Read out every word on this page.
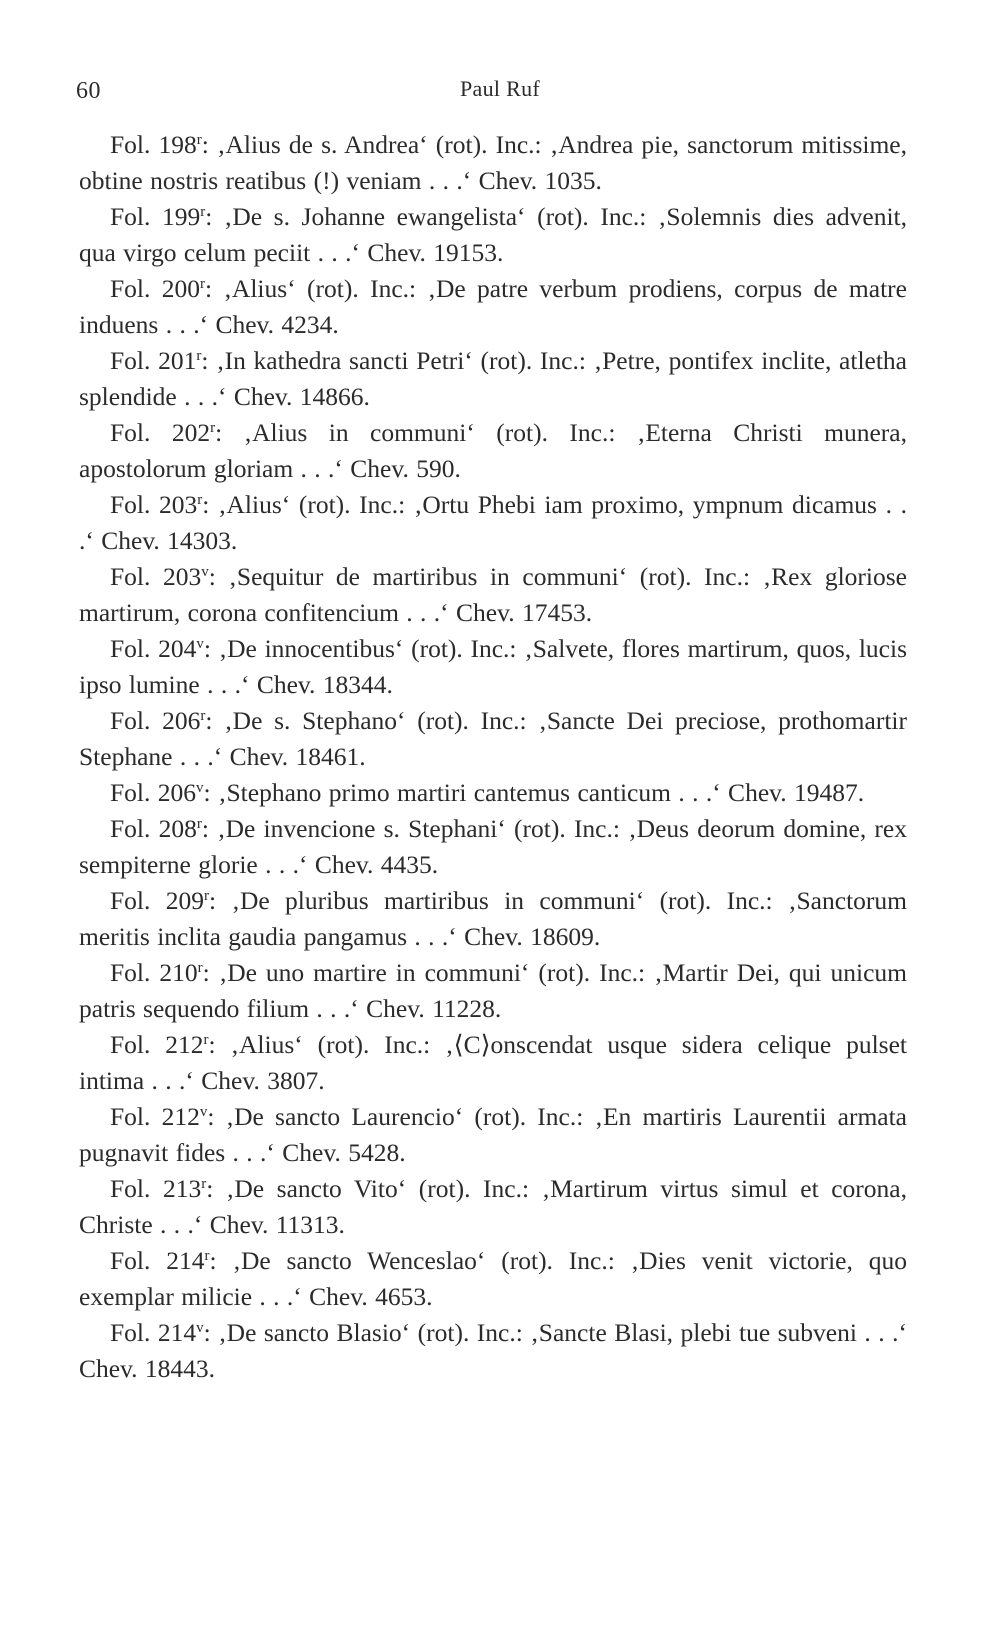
60	Paul Ruf

Fol. 198$^r$: ‚Alius de s. Andrea‘ (rot). Inc.: ‚Andrea pie, sanctorum mitissime, obtine nostris reatibus (!) veniam . . .‘ Chev. 1035.

Fol. 199$^r$: ‚De s. Johanne ewangelista‘ (rot). Inc.: ‚Solemnis dies advenit, qua virgo celum peciit . . .‘ Chev. 19153.

Fol. 200$^r$: ‚Alius‘ (rot). Inc.: ‚De patre verbum prodiens, corpus de matre induens . . .‘ Chev. 4234.

Fol. 201$^r$: ‚In kathedra sancti Petri‘ (rot). Inc.: ‚Petre, pontifex inclite, atletha splendide . . .‘ Chev. 14866.

Fol. 202$^r$: ‚Alius in communi‘ (rot). Inc.: ‚Eterna Christi munera, apostolorum gloriam . . .‘ Chev. 590.

Fol. 203$^r$: ‚Alius‘ (rot). Inc.: ‚Ortu Phebi iam proximo, ympnum dicamus . . .‘ Chev. 14303.

Fol. 203$^v$: ‚Sequitur de martiribus in communi‘ (rot). Inc.: ‚Rex gloriose martirum, corona confitencium . . .‘ Chev. 17453.

Fol. 204$^v$: ‚De innocentibus‘ (rot). Inc.: ‚Salvete, flores martirum, quos, lucis ipso lumine . . .‘ Chev. 18344.

Fol. 206$^r$: ‚De s. Stephano‘ (rot). Inc.: ‚Sancte Dei preciose, prothomartir Stephane . . .‘ Chev. 18461.

Fol. 206$^v$: ‚Stephano primo martiri cantemus canticum . . .‘ Chev. 19487.

Fol. 208$^r$: ‚De invencione s. Stephani‘ (rot). Inc.: ‚Deus deorum domine, rex sempiterne glorie . . .‘ Chev. 4435.

Fol. 209$^r$: ‚De pluribus martiribus in communi‘ (rot). Inc.: ‚Sanctorum meritis inclita gaudia pangamus . . .‘ Chev. 18609.

Fol. 210$^r$: ‚De uno martire in communi‘ (rot). Inc.: ‚Martir Dei, qui unicum patris sequendo filium . . .‘ Chev. 11228.

Fol. 212$^r$: ‚Alius‘ (rot). Inc.: ‚⟨C⟩onscendat usque sidera celique pulset intima . . .‘ Chev. 3807.

Fol. 212$^v$: ‚De sancto Laurencio‘ (rot). Inc.: ‚En martiris Laurentii armata pugnavit fides . . .‘ Chev. 5428.

Fol. 213$^r$: ‚De sancto Vito‘ (rot). Inc.: ‚Martirum virtus simul et corona, Christe . . .‘ Chev. 11313.

Fol. 214$^r$: ‚De sancto Wenceslao‘ (rot). Inc.: ‚Dies venit victorie, quo exemplar milicie . . .‘ Chev. 4653.

Fol. 214$^v$: ‚De sancto Blasio‘ (rot). Inc.: ‚Sancte Blasi, plebi tue subveni . . .‘ Chev. 18443.
